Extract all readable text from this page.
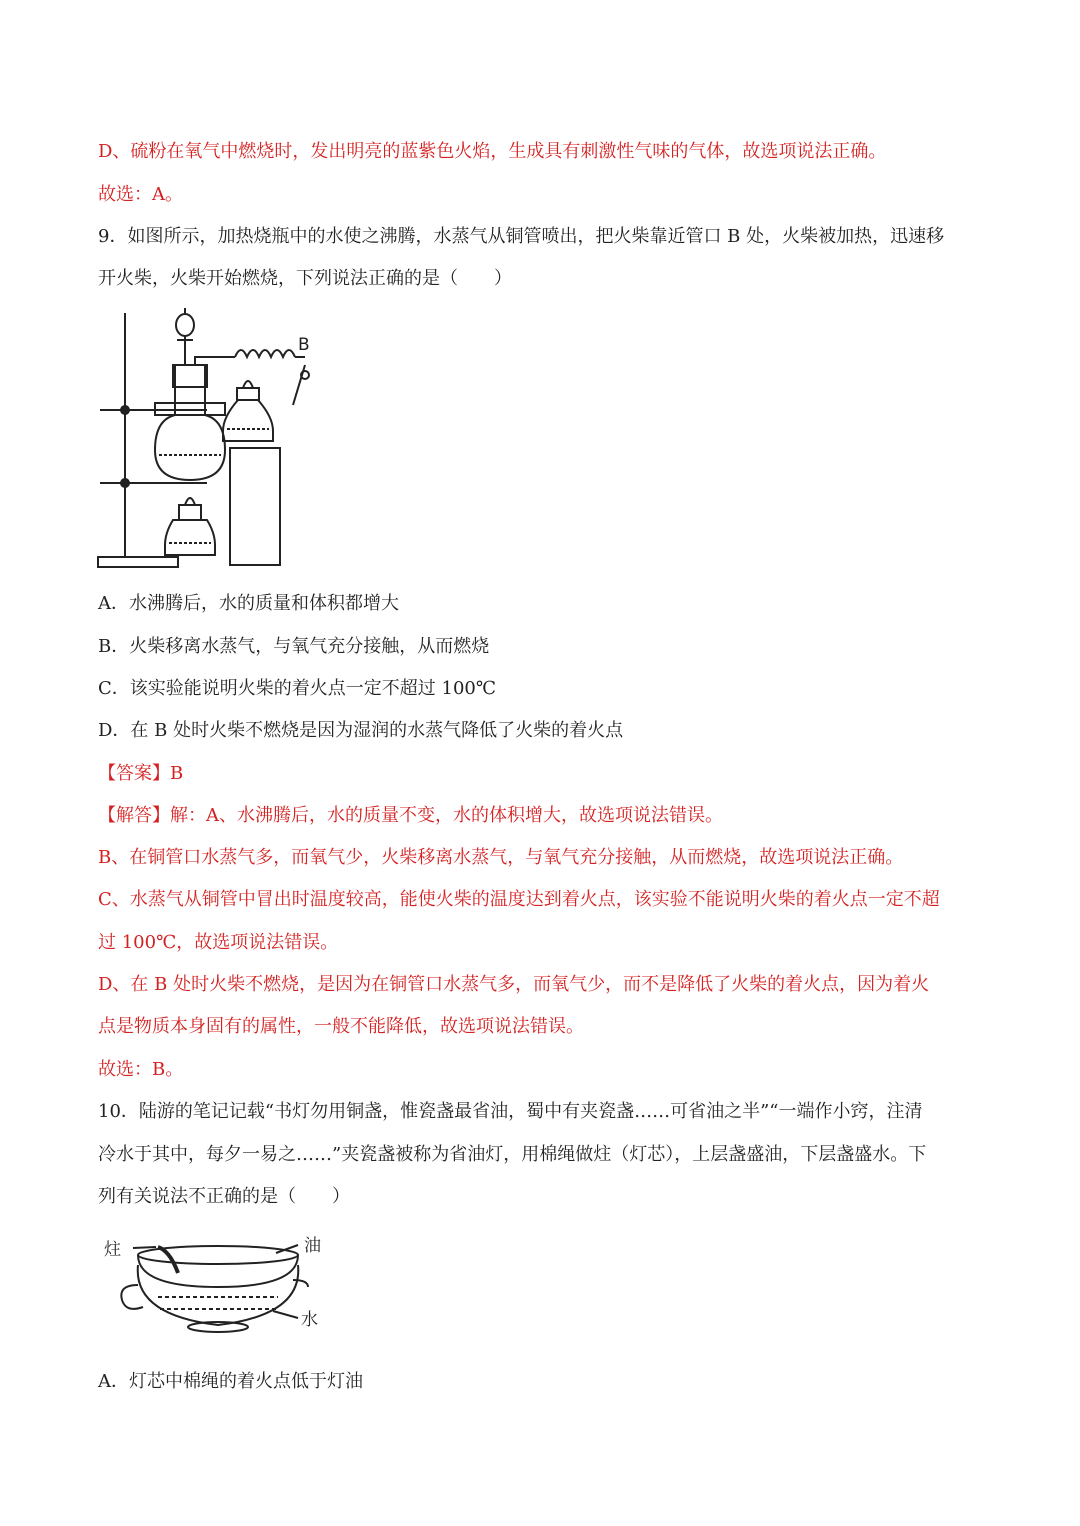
D、硫粉在氧气中燃烧时，发出明亮的蓝紫色火焰，生成具有刺激性气味的气体，故选项说法正确。
故选：A。
9．如图所示，加热烧瓶中的水使之沸腾，水蒸气从铜管喷出，把火柴靠近管口 B 处，火柴被加热，迅速移
开火柴，火柴开始燃烧，下列说法正确的是（　　）
B
A．水沸腾后，水的质量和体积都增大
B．火柴移离水蒸气，与氧气充分接触，从而燃烧
C．该实验能说明火柴的着火点一定不超过 100℃
D．在 B 处时火柴不燃烧是因为湿润的水蒸气降低了火柴的着火点
【答案】B
【解答】解：A、水沸腾后，水的质量不变，水的体积增大，故选项说法错误。
B、在铜管口水蒸气多，而氧气少，火柴移离水蒸气，与氧气充分接触，从而燃烧，故选项说法正确。
C、水蒸气从铜管中冒出时温度较高，能使火柴的温度达到着火点，该实验不能说明火柴的着火点一定不超
过 100℃，故选项说法错误。
D、在 B 处时火柴不燃烧，是因为在铜管口水蒸气多，而氧气少，而不是降低了火柴的着火点，因为着火
点是物质本身固有的属性，一般不能降低，故选项说法错误。
故选：B。
10．陆游的笔记记载“书灯勿用铜盏，惟瓷盏最省油，蜀中有夹瓷盏……可省油之半”“一端作小窍，注清
冷水于其中，每夕一易之……”夹瓷盏被称为省油灯，用棉绳做炷（灯芯），上层盏盛油，下层盏盛水。下
列有关说法不正确的是（　　）
炷	油
水
A．灯芯中棉绳的着火点低于灯油
